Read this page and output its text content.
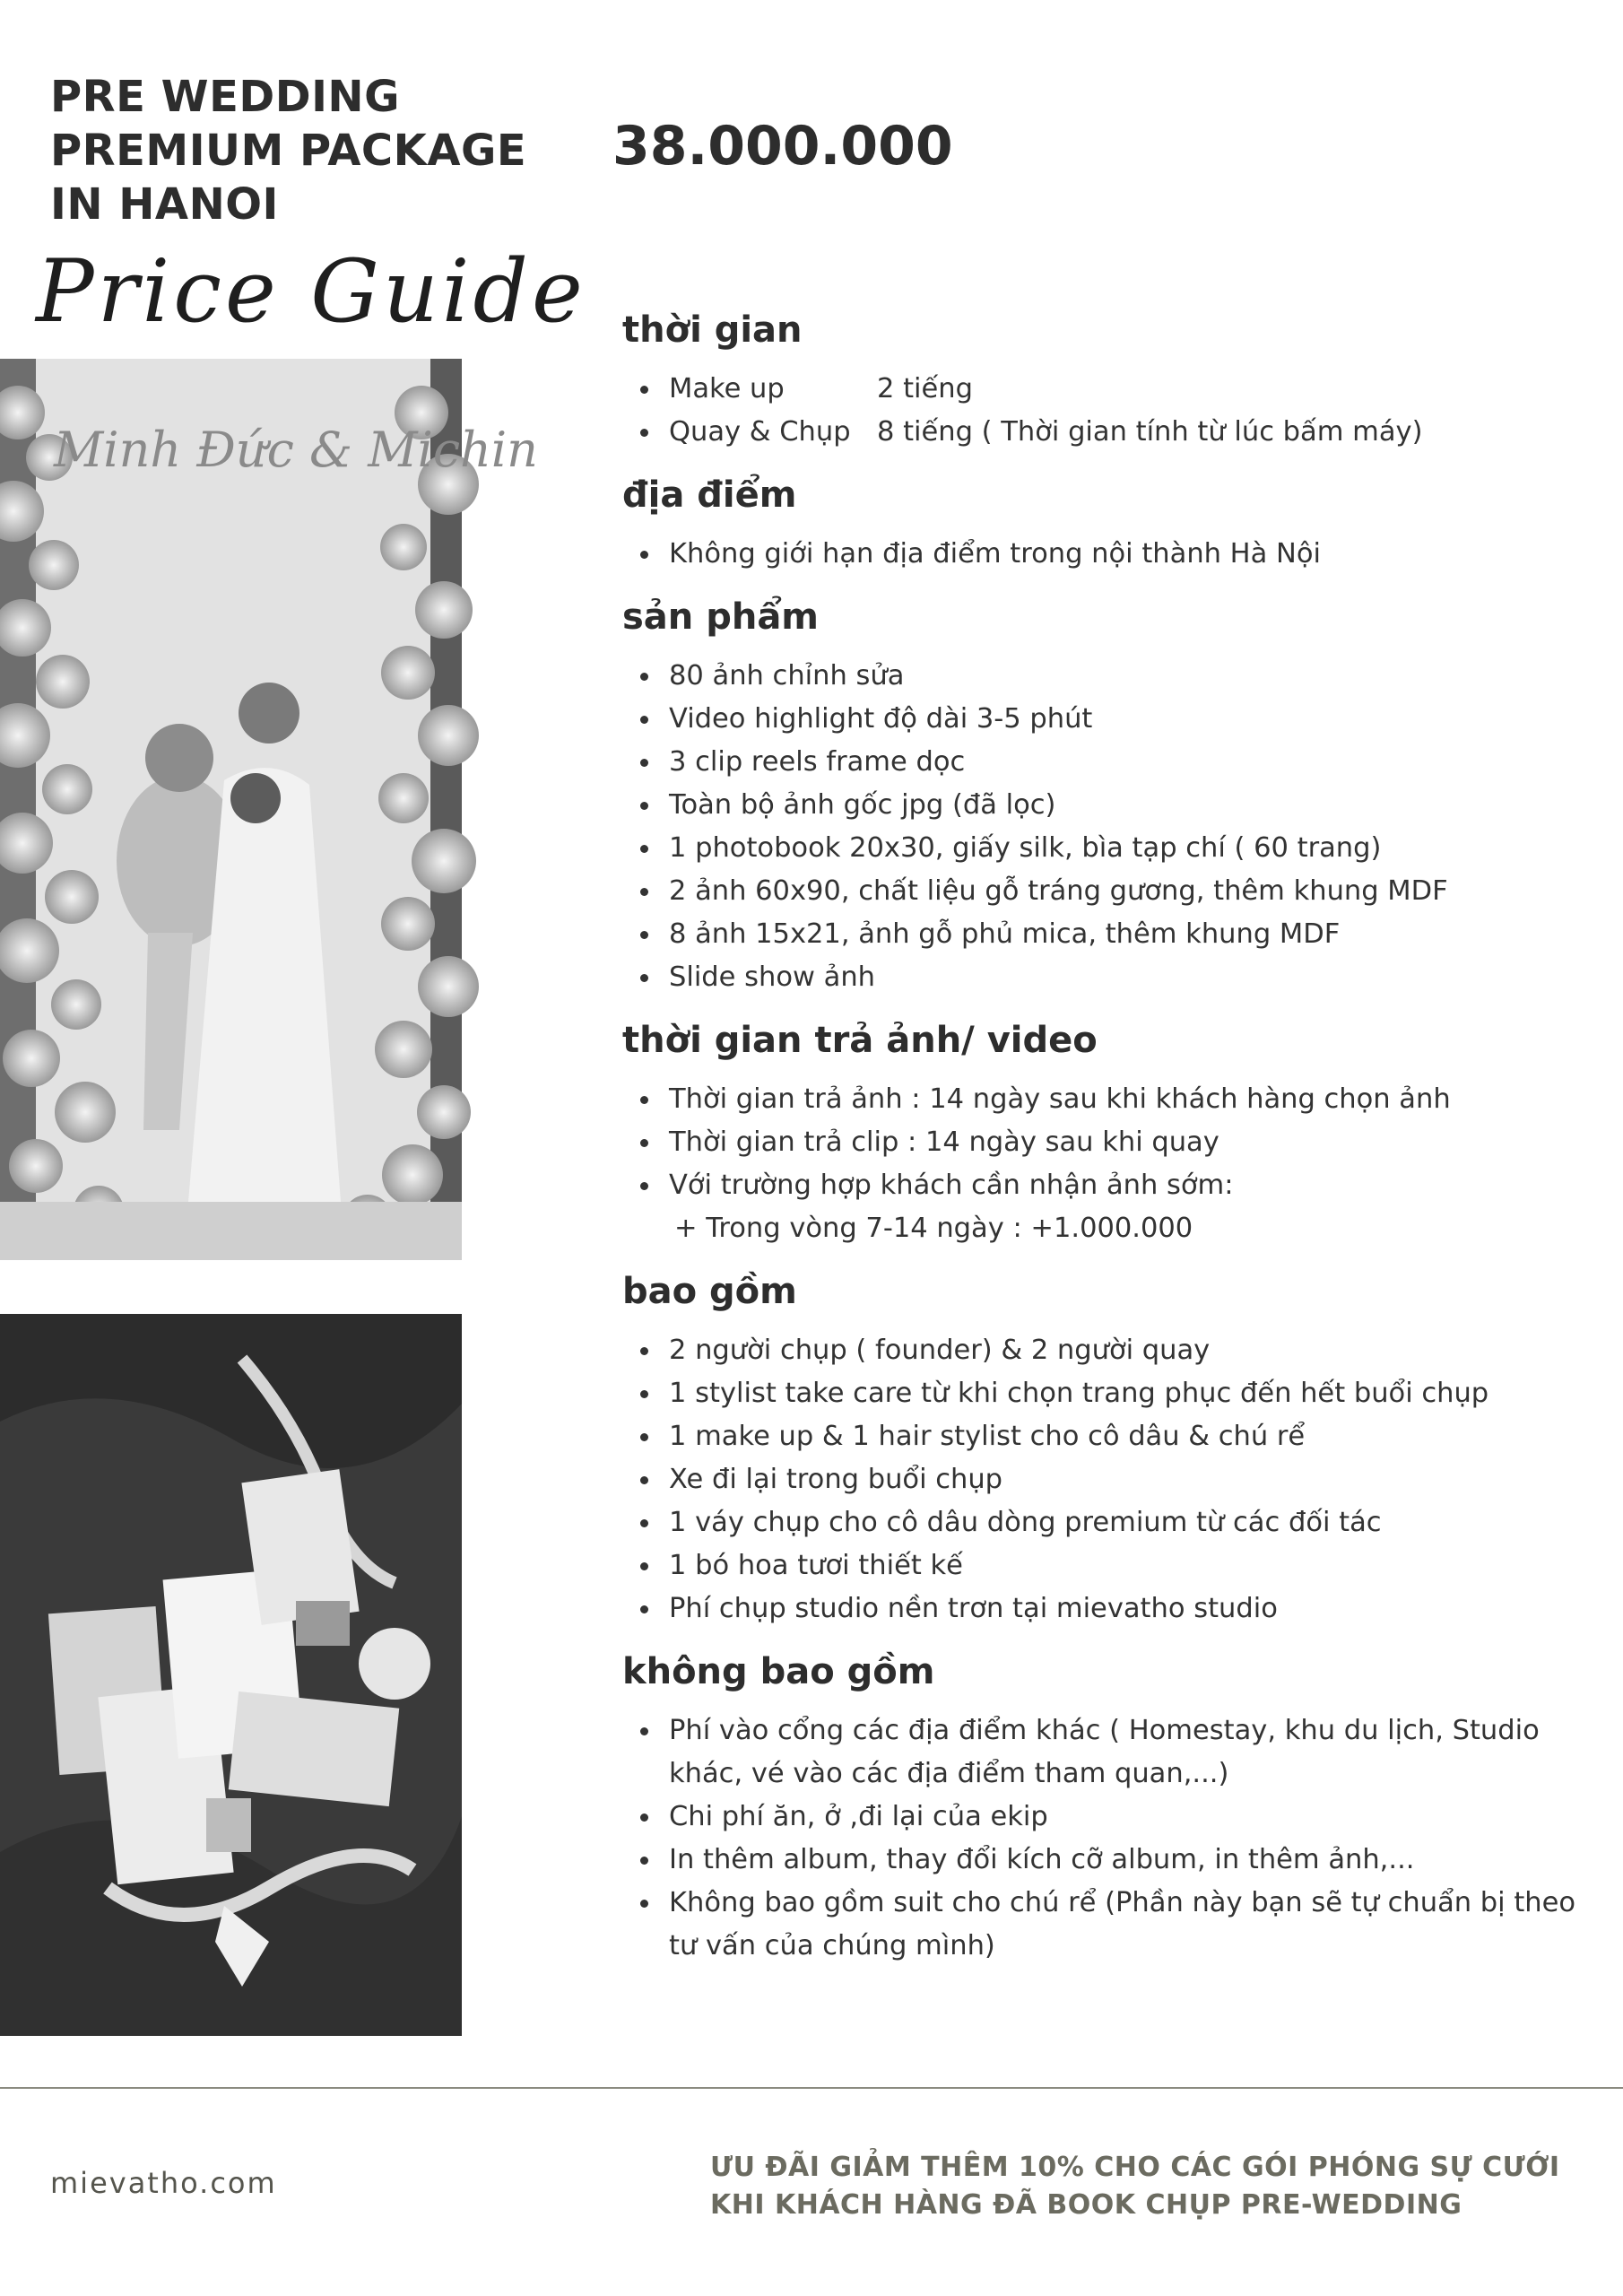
PRE WEDDING
PREMIUM PACKAGE
IN HANOI
38.000.000
Price Guide
Minh Đức & Michin
thời gian
Make up	2 tiếng
Quay & Chụp 8 tiếng ( Thời gian tính từ lúc bấm máy)
địa điểm
Không giới hạn địa điểm trong nội thành Hà Nội
sản phẩm
80 ảnh chỉnh sửa
Video highlight độ dài 3-5 phút
3 clip reels frame dọc
Toàn bộ ảnh gốc jpg (đã lọc)
1 photobook 20x30, giấy silk, bìa tạp chí ( 60 trang)
2 ảnh 60x90, chất liệu gỗ tráng gương, thêm khung MDF
8 ảnh 15x21, ảnh gỗ phủ mica, thêm khung MDF
Slide show ảnh
thời gian trả ảnh/ video
Thời gian trả ảnh : 14 ngày sau khi khách hàng chọn ảnh
Thời gian trả clip : 14 ngày sau khi quay
Với trường hợp khách cần nhận ảnh sớm:
+ Trong vòng 7-14 ngày : +1.000.000
bao gồm
2 người chụp ( founder) & 2 người quay
1 stylist take care từ khi chọn trang phục đến hết buổi chụp
1 make up & 1 hair stylist cho cô dâu & chú rể
Xe đi lại trong buổi chụp
1 váy chụp cho cô dâu dòng premium từ các đối tác
1 bó hoa tươi thiết kế
Phí chụp studio nền trơn tại mievatho studio
không bao gồm
Phí vào cổng các địa điểm khác ( Homestay, khu du lịch, Studio khác, vé vào các địa điểm tham quan,...)
Chi phí ăn, ở ,đi lại của ekip
In thêm album, thay đổi kích cỡ album, in thêm ảnh,...
Không bao gồm suit cho chú rể (Phần này bạn sẽ tự chuẩn bị theo tư vấn của chúng mình)
mievatho.com	ƯU ĐÃI GIẢM THÊM 10% CHO CÁC GÓI PHÓNG SỰ CƯỚI
KHI KHÁCH HÀNG ĐÃ BOOK CHỤP PRE-WEDDING
